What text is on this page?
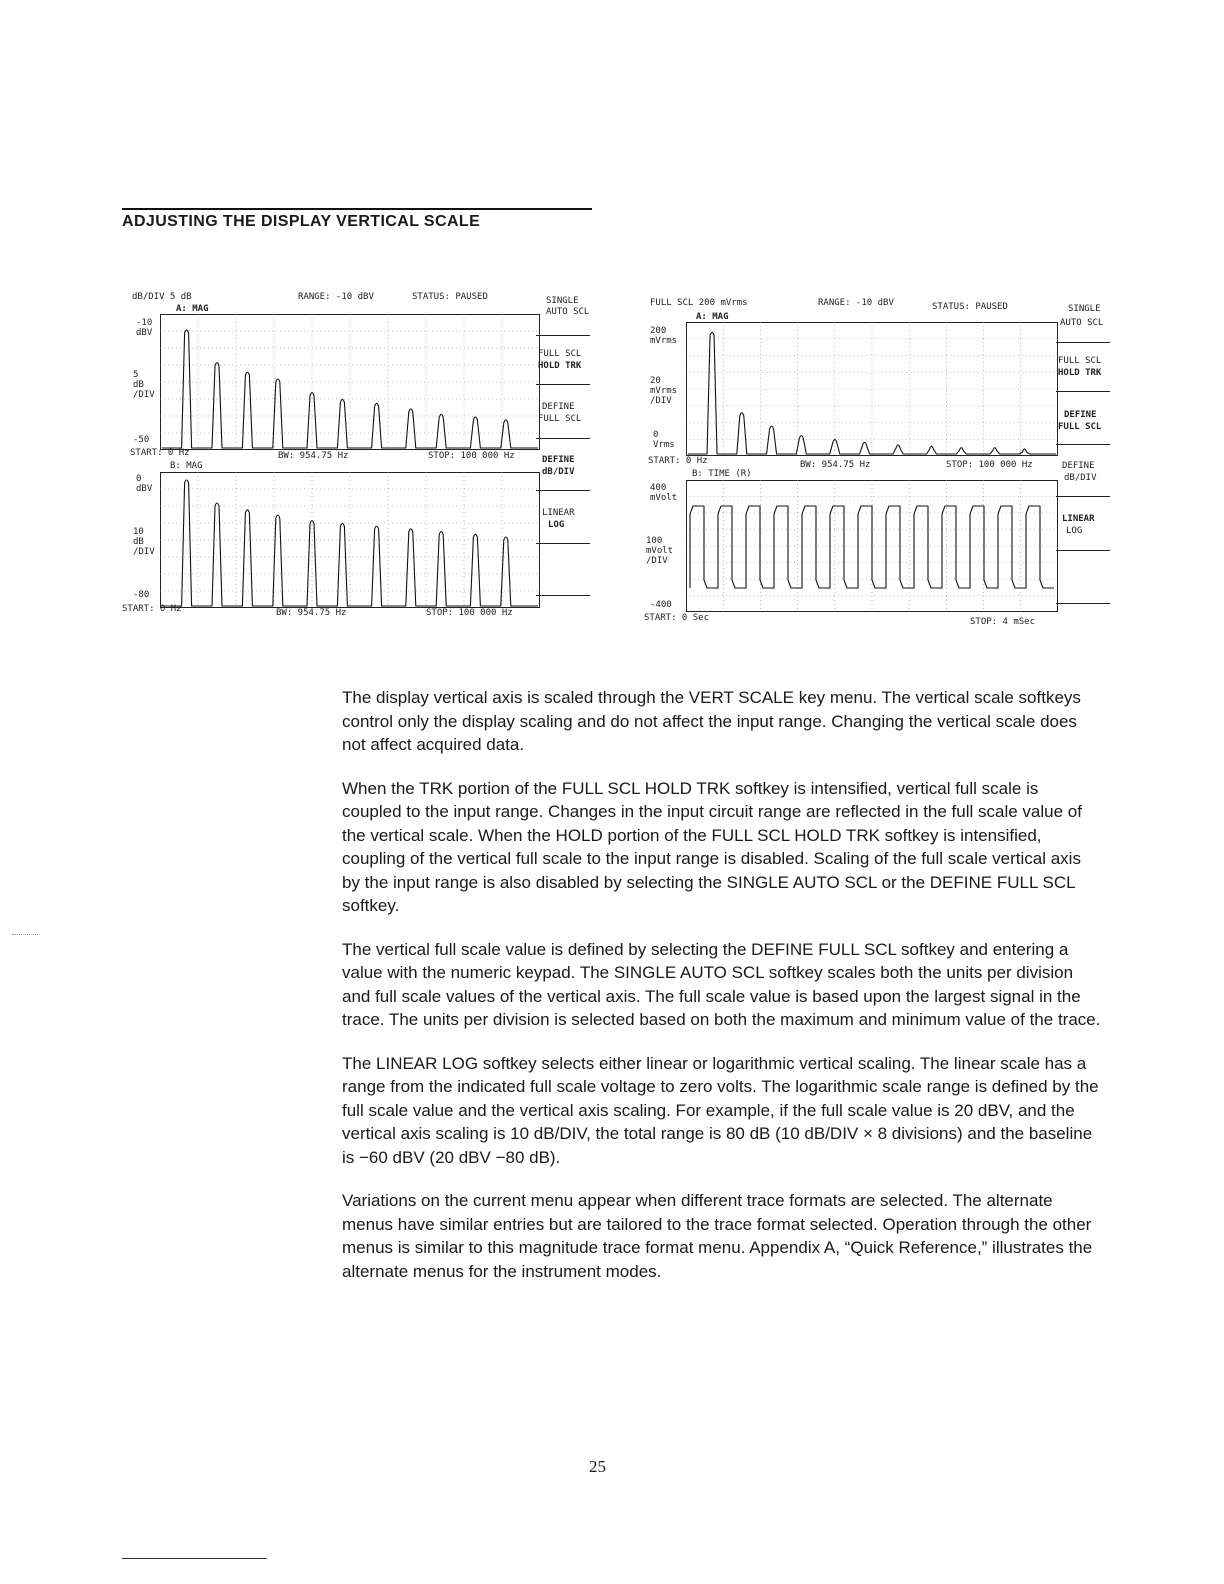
ADJUSTING THE DISPLAY VERTICAL SCALE
dB/DIV 5 dB	RANGE: -10 dBV	STATUS: PAUSED	SINGLE
A: MAG
-10
dBV
5
dB
/DIV
-50
START: 0 Hz	BW: 954.75 Hz	STOP: 100 000 Hz
B: MAG
0
dBV
10
dB
/DIV
-80
START: 0 Hz	BW: 954.75 Hz	STOP: 100 000 Hz
AUTO SCL
FULL SCL
HOLD TRK
DEFINE
FULL SCL
DEFINE
dB/DIV
LINEAR
LOG
FULL SCL 200 mVrms	RANGE: -10 dBV	STATUS: PAUSED	SINGLE
A: MAG
200
mVrms
20
mVrms
/DIV
0
Vrms
START: 0 Hz	BW: 954.75 Hz	STOP: 100 000 Hz
B: TIME (R)
400
mVolt
100
mVolt
/DIV
-400
START: 0 Sec	STOP: 4 mSec
AUTO SCL
FULL SCL
HOLD TRK
DEFINE
FULL SCL
DEFINE
dB/DIV
LINEAR
LOG

The display vertical axis is scaled through the VERT SCALE key menu. The vertical scale softkeys control only the display scaling and do not affect the input range. Changing the vertical scale does not affect acquired data.

When the TRK portion of the FULL SCL HOLD TRK softkey is intensified, vertical full scale is coupled to the input range. Changes in the input circuit range are reflected in the full scale value of the vertical scale. When the HOLD portion of the FULL SCL HOLD TRK softkey is intensified, coupling of the vertical full scale to the input range is disabled. Scaling of the full scale vertical axis by the input range is also disabled by selecting the SINGLE AUTO SCL or the DEFINE FULL SCL softkey.

The vertical full scale value is defined by selecting the DEFINE FULL SCL softkey and entering a value with the numeric keypad. The SINGLE AUTO SCL softkey scales both the units per division and full scale values of the vertical axis. The full scale value is based upon the largest signal in the trace. The units per division is selected based on both the maximum and minimum value of the trace.

The LINEAR LOG softkey selects either linear or logarithmic vertical scaling. The linear scale has a range from the indicated full scale voltage to zero volts. The logarithmic scale range is defined by the full scale value and the vertical axis scaling. For example, if the full scale value is 20 dBV, and the vertical axis scaling is 10 dB/DIV, the total range is 80 dB (10 dB/DIV × 8 divisions) and the baseline is −60 dBV (20 dBV −80 dB).

Variations on the current menu appear when different trace formats are selected. The alternate menus have similar entries but are tailored to the trace format selected. Operation through the other menus is similar to this magnitude trace format menu. Appendix A, “Quick Reference,” illustrates the alternate menus for the instrument modes.

25
